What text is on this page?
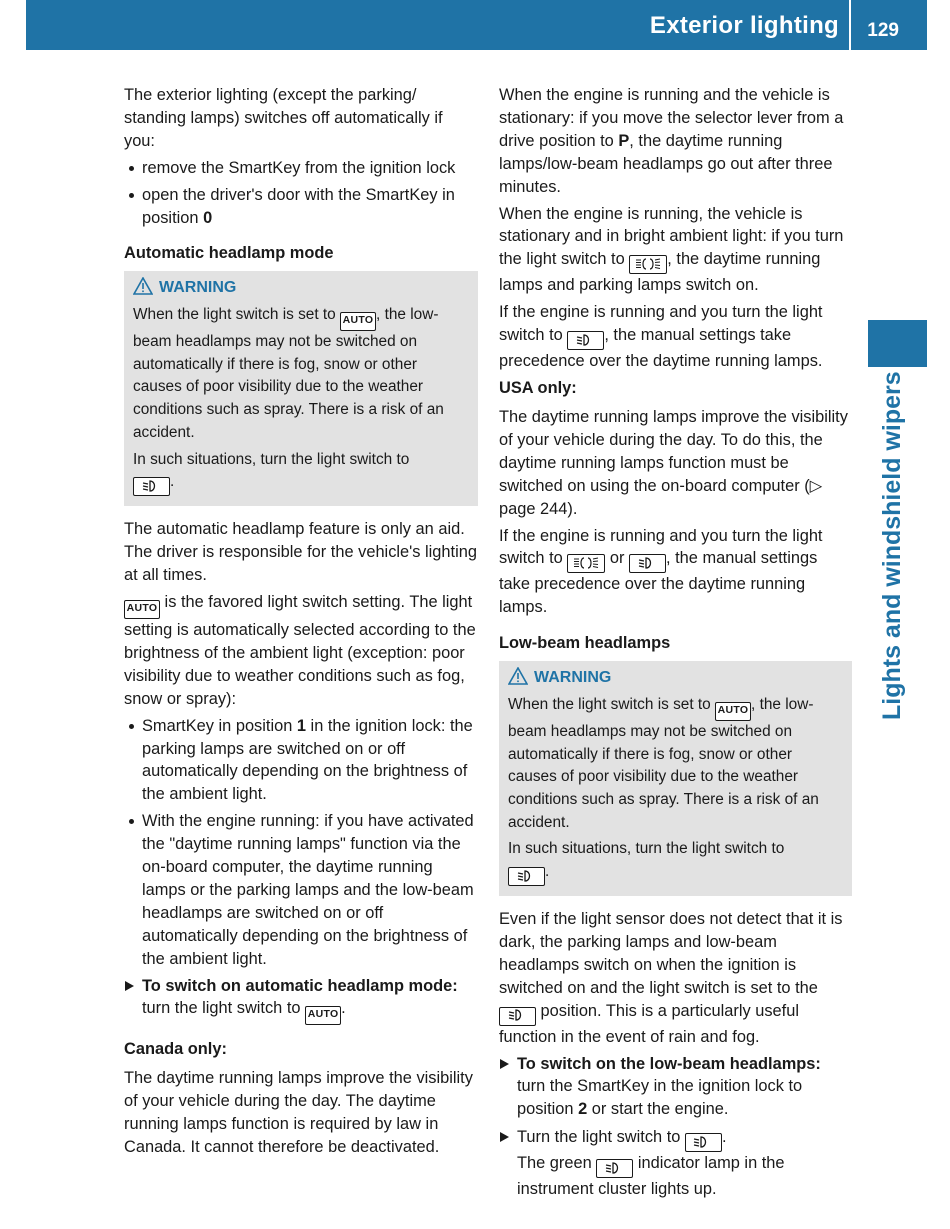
Exterior lighting 129
Lights and windshield wipers

The exterior lighting (except the parking/ standing lamps) switches off automatically if you:

remove the SmartKey from the ignition lock
open the driver's door with the SmartKey in position 0
Automatic headlamp mode
WARNING

When the light switch is set to AUTO , the low-beam headlamps may not be switched on automatically if there is fog, snow or other causes of poor visibility due to the weather conditions such as spray. There is a risk of an accident.

In such situations, turn the light switch to
.

The automatic headlamp feature is only an aid. The driver is responsible for the vehicle's lighting at all times.

AUTO is the favored light switch setting. The light setting is automatically selected according to the brightness of the ambient light (exception: poor visibility due to weather conditions such as fog, snow or spray):

SmartKey in position 1 in the ignition lock: the parking lamps are switched on or off automatically depending on the brightness of the ambient light.
With the engine running: if you have activated the "daytime running lamps" function via the on-board computer, the daytime running lamps or the parking lamps and the low-beam headlamps are switched on or off automatically depending on the brightness of the ambient light.
To switch on automatic headlamp mode: turn the light switch to AUTO .
Canada only:

The daytime running lamps improve the visibility of your vehicle during the day. The daytime running lamps function is required by law in Canada. It cannot therefore be deactivated.

When the engine is running and the vehicle is stationary: if you move the selector lever from a drive position to P, the daytime running lamps/low-beam headlamps go out after three minutes.

When the engine is running, the vehicle is stationary and in bright ambient light: if you turn the light switch to , the daytime running lamps and parking lamps switch on.

If the engine is running and you turn the light switch to , the manual settings take precedence over the daytime running lamps.

USA only:

The daytime running lamps improve the visibility of your vehicle during the day. To do this, the daytime running lamps function must be switched on using the on-board computer (▷ page 244).

If the engine is running and you turn the light switch to  or , the manual settings take precedence over the daytime running lamps.

Low-beam headlamps
WARNING

When the light switch is set to AUTO , the low-beam headlamps may not be switched on automatically if there is fog, snow or other causes of poor visibility due to the weather conditions such as spray. There is a risk of an accident.

In such situations, turn the light switch to
.

Even if the light sensor does not detect that it is dark, the parking lamps and low-beam headlamps switch on when the ignition is switched on and the light switch is set to the  position. This is a particularly useful function in the event of rain and fog.

To switch on the low-beam headlamps: turn the SmartKey in the ignition lock to position 2 or start the engine.
Turn the light switch to .
The green  indicator lamp in the instrument cluster lights up.
